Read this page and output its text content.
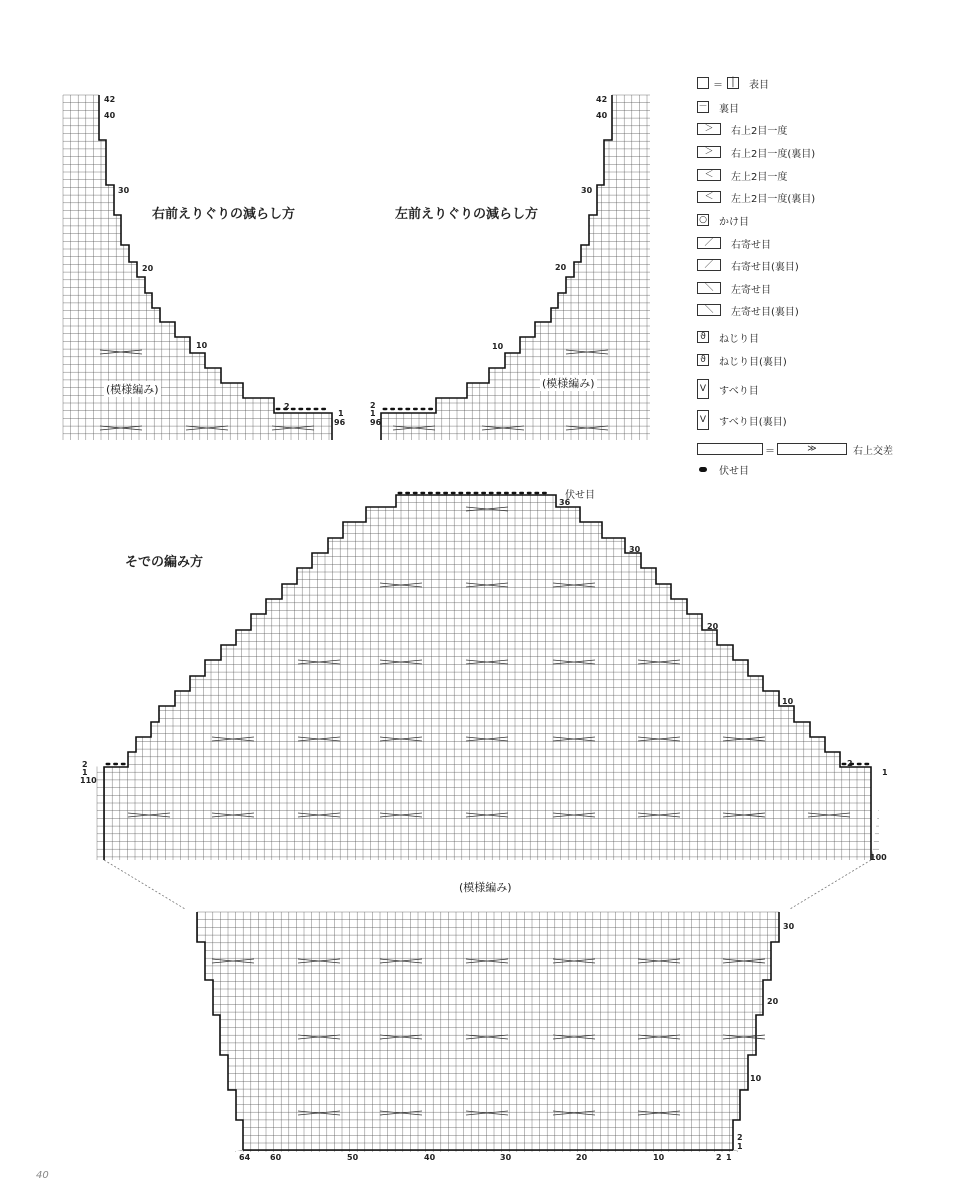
右前えりぐりの減らし方	左前えりぐりの減らし方
そでの編み方
(模様編み)	(模様編み)
(模様編み)
42
40
30
20
10
2
1
96
42
40
30
20
10
2
1
96
36
伏せ目
30
20
10
2
1
2
1
110
100
30
20
10
2
1
64 60	50	40	30	20	10	2 1
＝ │ 表目
－ 裏目
＞	右上2目一度
＞	右上2目一度(裏目)
＜	左上2目一度
＜	左上2目一度(裏目)
○ かけ目
／	右寄せ目
／	右寄せ目(裏目)
＼	左寄せ目
＼	左寄せ目(裏目)
ϑ ねじり目
ϑ ねじり目(裏目)
V すべり目
V すべり目(裏目)
＝	≫	右上交差
伏せ目
40
